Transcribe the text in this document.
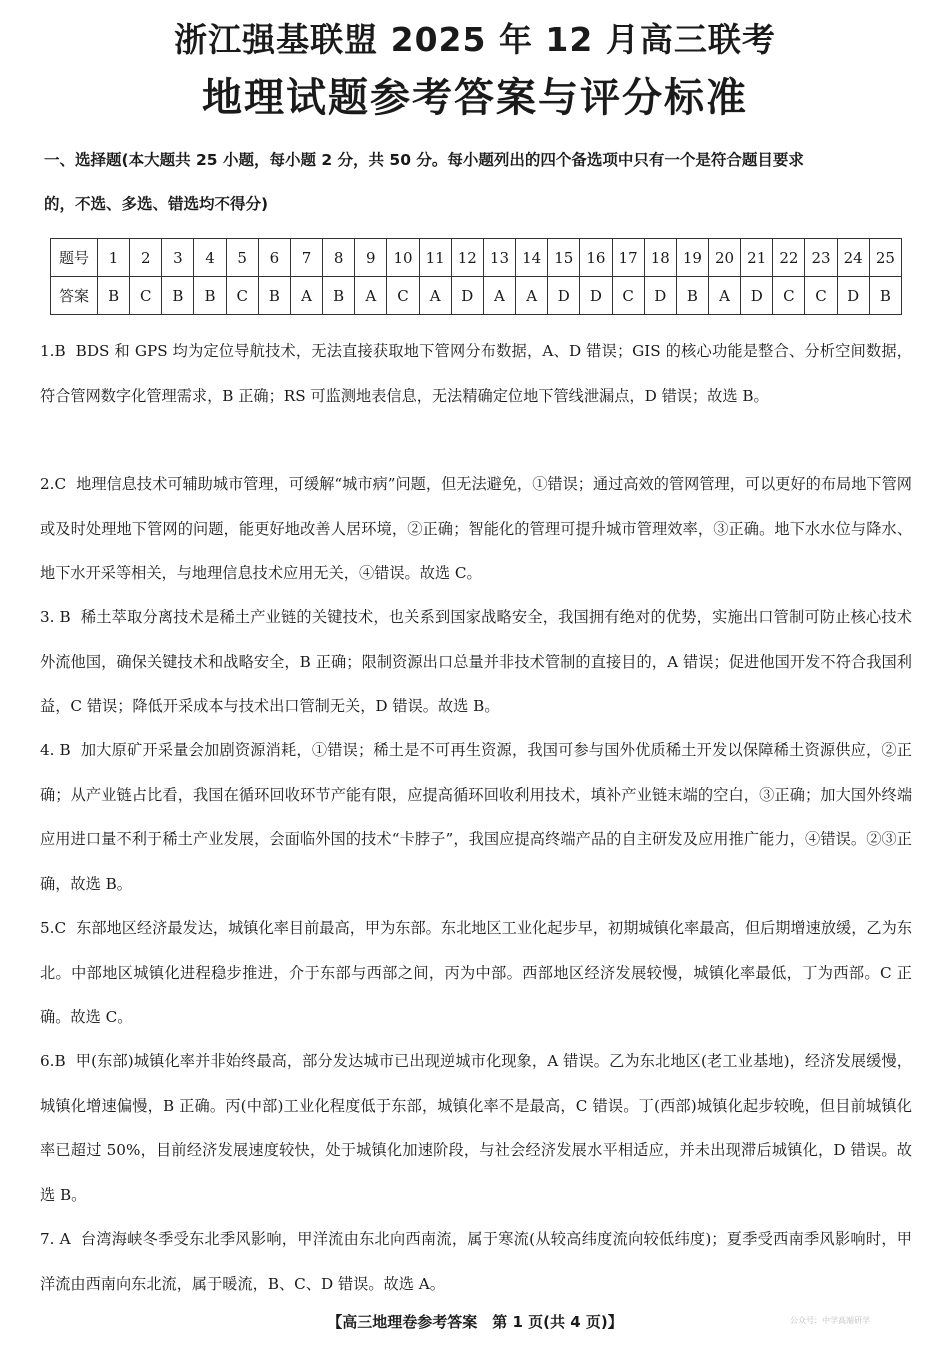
浙江强基联盟 2025 年 12 月高三联考
地理试题参考答案与评分标准
一、选择题(本大题共 25 小题，每小题 2 分，共 50 分。每小题列出的四个备选项中只有一个是符合题目要求
的，不选、多选、错选均不得分)
题号	1	2	3	4	5	6	7	8	9	10	11	12	13	14	15	16	17	18	19	20	21	22	23	24	25
答案	B	C	B	B	C	B	A	B	A	C	A	D	A	A	D	D	C	D	B	A	D	C	C	D	B
1.B BDS 和 GPS 均为定位导航技术，无法直接获取地下管网分布数据，A、D 错误；GIS 的核心功能是整合、分析空间数据，符合管网数字化管理需求，B 正确；RS 可监测地表信息，无法精确定位地下管线泄漏点，D 错误；故选 B。
2.C 地理信息技术可辅助城市管理，可缓解“城市病”问题，但无法避免，①错误；通过高效的管网管理，可以更好的布局地下管网或及时处理地下管网的问题，能更好地改善人居环境，②正确；智能化的管理可提升城市管理效率，③正确。地下水水位与降水、地下水开采等相关，与地理信息技术应用无关，④错误。故选 C。
3. B 稀土萃取分离技术是稀土产业链的关键技术，也关系到国家战略安全，我国拥有绝对的优势，实施出口管制可防止核心技术外流他国，确保关键技术和战略安全，B 正确；限制资源出口总量并非技术管制的直接目的，A 错误；促进他国开发不符合我国利益，C 错误；降低开采成本与技术出口管制无关，D 错误。故选 B。
4. B 加大原矿开采量会加剧资源消耗，①错误；稀土是不可再生资源，我国可参与国外优质稀土开发以保障稀土资源供应，②正确；从产业链占比看，我国在循环回收环节产能有限，应提高循环回收利用技术，填补产业链末端的空白，③正确；加大国外终端应用进口量不利于稀土产业发展，会面临外国的技术“卡脖子”，我国应提高终端产品的自主研发及应用推广能力，④错误。②③正确，故选 B。
5.C 东部地区经济最发达，城镇化率目前最高，甲为东部。东北地区工业化起步早，初期城镇化率最高，但后期增速放缓，乙为东北。中部地区城镇化进程稳步推进，介于东部与西部之间，丙为中部。西部地区经济发展较慢，城镇化率最低，丁为西部。C 正确。故选 C。
6.B 甲(东部)城镇化率并非始终最高，部分发达城市已出现逆城市化现象，A 错误。乙为东北地区(老工业基地)，经济发展缓慢，城镇化增速偏慢，B 正确。丙(中部)工业化程度低于东部，城镇化率不是最高，C 错误。丁(西部)城镇化起步较晚，但目前城镇化率已超过 50%，目前经济发展速度较快，处于城镇化加速阶段，与社会经济发展水平相适应，并未出现滞后城镇化，D 错误。故选 B。
7. A 台湾海峡冬季受东北季风影响，甲洋流由东北向西南流，属于寒流(从较高纬度流向较低纬度)；夏季受西南季风影响时，甲洋流由西南向东北流，属于暖流，B、C、D 错误。故选 A。
【高三地理卷参考答案　第 1 页(共 4 页)】	公众号：中学高端研学
